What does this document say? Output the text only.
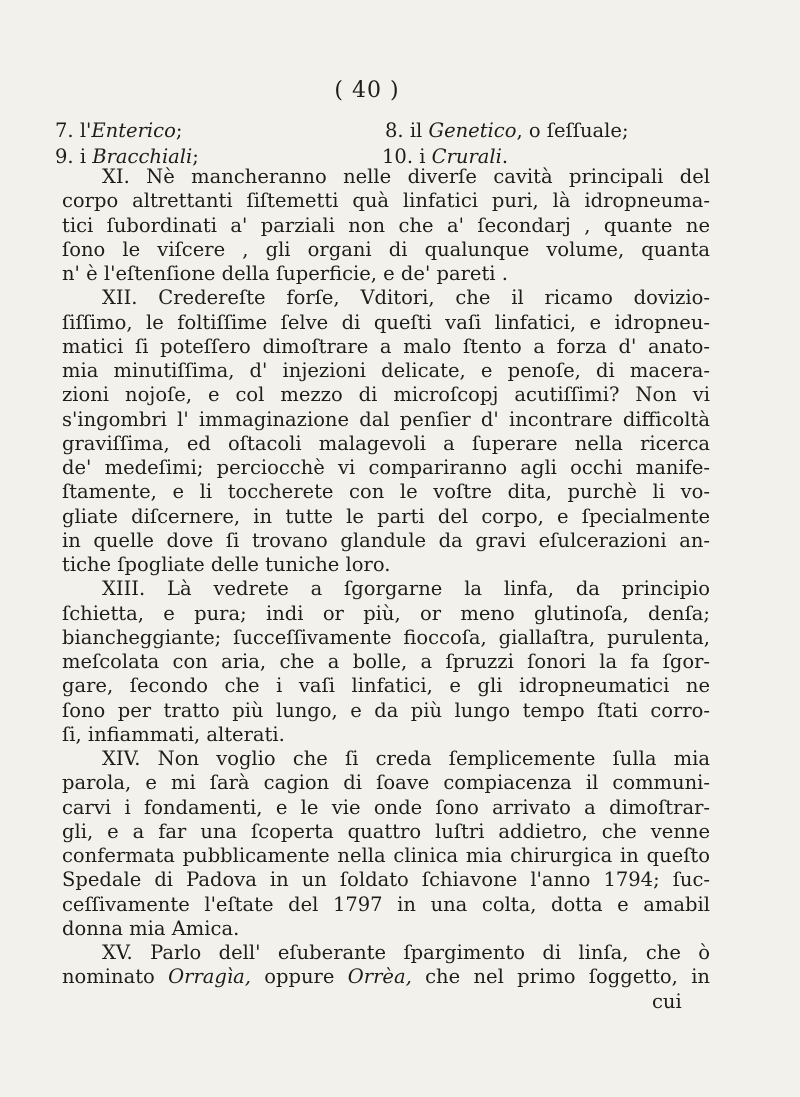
( 40 )
7. l'Enterico;	8. il Genetico, o ſeſſuale;
9. i Bracchiali;	10. i Crurali.
XI. Nè mancheranno nelle diverſe cavità principali del
corpo altrettanti ſiſtemetti quà linfatici puri, là idropneuma-
tici ſubordinati a' parziali non che a' ſecondarj , quante ne
ſono le viſcere , gli organi di qualunque volume, quanta
n' è l'eſtenſione della ſuperficie, e de' pareti .
XII. Credereſte forſe, Vditori, che il ricamo dovizio-
ſiſſimo, le foltiſſime ſelve di queſti vaſi linfatici, e idropneu-
matici ſi poteſſero dimoſtrare a malo ſtento a forza d' anato-
mia minutiſſima, d' injezioni delicate, e penoſe, di macera-
zioni nojoſe, e col mezzo di microſcopj acutiſſimi? Non vi
s'ingombri l' immaginazione dal penſier d' incontrare difficoltà
graviſſima, ed oſtacoli malagevoli a ſuperare nella ricerca
de' medeſimi; perciocchè vi compariranno agli occhi manife-
ſtamente, e li toccherete con le voſtre dita, purchè li vo-
gliate diſcernere, in tutte le parti del corpo, e ſpecialmente
in quelle dove ſi trovano glandule da gravi eſulcerazioni an-
tiche ſpogliate delle tuniche loro.
XIII. Là vedrete a ſgorgarne la linfa, da principio
ſchietta, e pura; indi or più, or meno glutinoſa, denſa;
biancheggiante; ſucceſſivamente fioccoſa, giallaſtra, purulenta,
meſcolata con aria, che a bolle, a ſpruzzi ſonori la fa ſgor-
gare, ſecondo che i vaſi linfatici, e gli idropneumatici ne
ſono per tratto più lungo, e da più lungo tempo ſtati corro-
ſi, infiammati, alterati.
XIV. Non voglio che ſi creda ſemplicemente ſulla mia
parola, e mi ſarà cagion di ſoave compiacenza il communi-
carvi i fondamenti, e le vie onde ſono arrivato a dimoſtrar-
gli, e a far una ſcoperta quattro luſtri addietro, che venne
confermata pubblicamente nella clinica mia chirurgica in queſto
Spedale di Padova in un ſoldato ſchiavone l'anno 1794; ſuc-
ceſſivamente l'eſtate del 1797 in una colta, dotta e amabil
donna mia Amica.
XV. Parlo dell' eſuberante ſpargimento di linſa, che ò
nominato Orragìa, oppure Orrèa, che nel primo ſoggetto, in
cui
